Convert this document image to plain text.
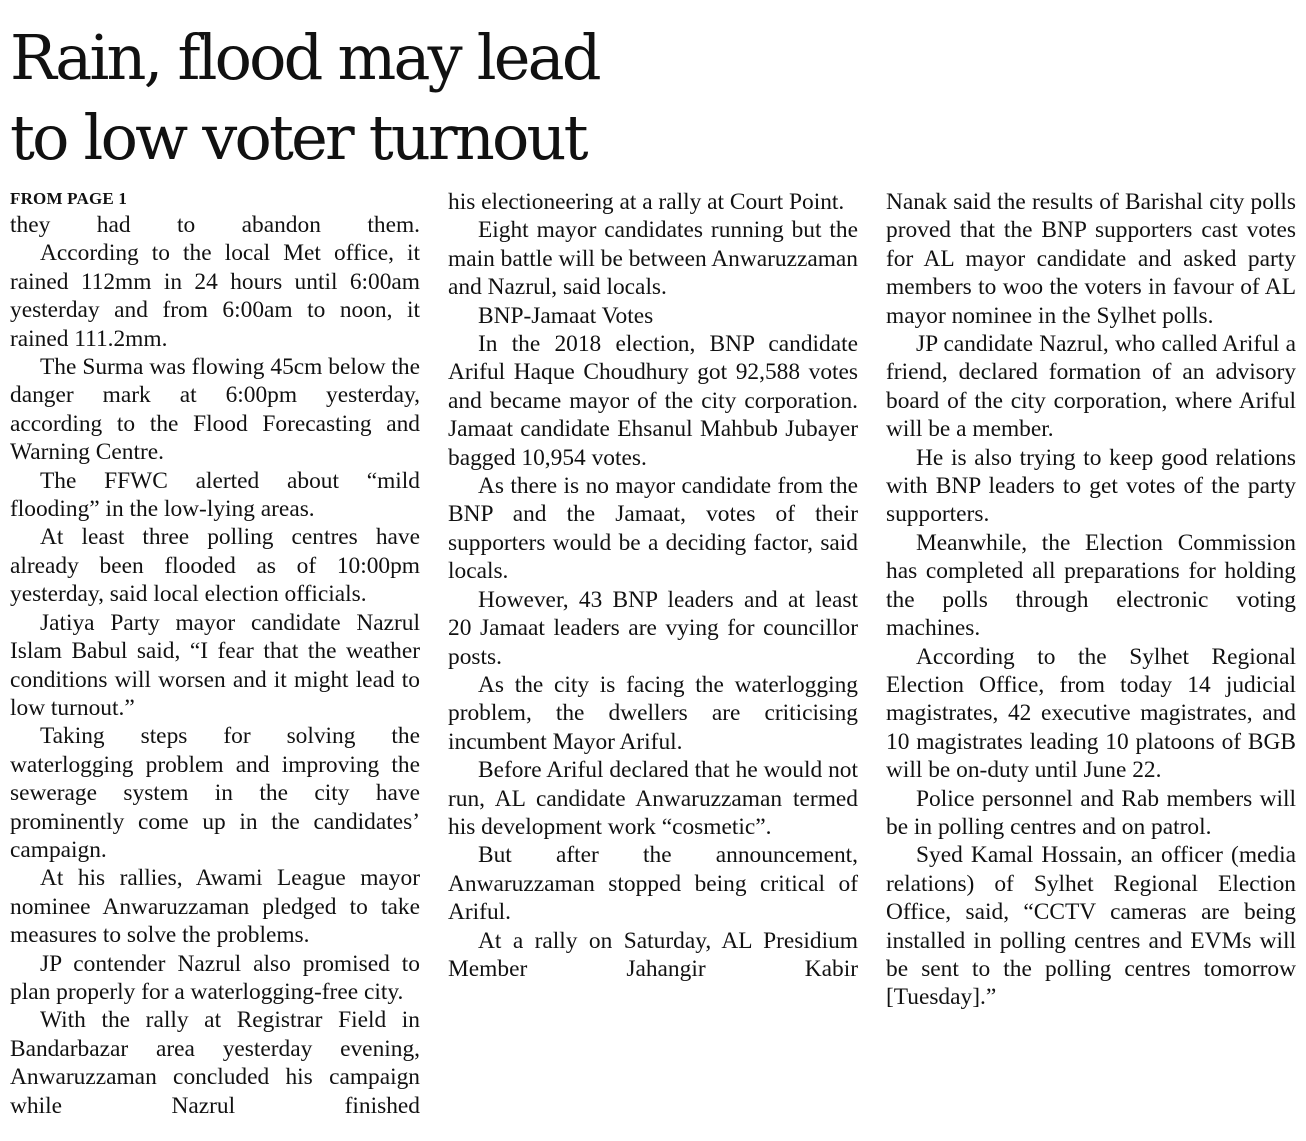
Rain, flood may lead
to low voter turnout
FROM PAGE 1

they had to abandon them.

According to the local Met office, it rained 112mm in 24 hours until 6:00am yesterday and from 6:00am to noon, it rained 111.2mm.

The Surma was flowing 45cm below the danger mark at 6:00pm yesterday, according to the Flood Forecasting and Warning Centre.

The FFWC alerted about “mild flooding” in the low-lying areas.

At least three polling centres have already been flooded as of 10:00pm yesterday, said local election officials.

Jatiya Party mayor candidate Nazrul Islam Babul said, “I fear that the weather conditions will worsen and it might lead to low turnout.”

Taking steps for solving the waterlogging problem and improving the sewerage system in the city have prominently come up in the candidates’ campaign.

At his rallies, Awami League mayor nominee Anwaruzzaman pledged to take measures to solve the problems.

JP contender Nazrul also promised to plan properly for a waterlogging-free city.

With the rally at Registrar Field in Bandarbazar area yesterday evening, Anwaruzzaman concluded his campaign while Nazrul finished

his electioneering at a rally at Court Point.

Eight mayor candidates running but the main battle will be between Anwaruzzaman and Nazrul, said locals.

BNP-Jamaat Votes

In the 2018 election, BNP candidate Ariful Haque Choudhury got 92,588 votes and became mayor of the city corporation. Jamaat candidate Ehsanul Mahbub Jubayer bagged 10,954 votes.

As there is no mayor candidate from the BNP and the Jamaat, votes of their supporters would be a deciding factor, said locals.

However, 43 BNP leaders and at least 20 Jamaat leaders are vying for councillor posts.

As the city is facing the waterlogging problem, the dwellers are criticising incumbent Mayor Ariful.

Before Ariful declared that he would not run, AL candidate Anwaruzzaman termed his development work “cosmetic”.

But after the announcement, Anwaruzzaman stopped being critical of Ariful.

At a rally on Saturday, AL Presidium Member Jahangir Kabir

Nanak said the results of Barishal city polls proved that the BNP supporters cast votes for AL mayor candidate and asked party members to woo the voters in favour of AL mayor nominee in the Sylhet polls.

JP candidate Nazrul, who called Ariful a friend, declared formation of an advisory board of the city corporation, where Ariful will be a member.

He is also trying to keep good relations with BNP leaders to get votes of the party supporters.

Meanwhile, the Election Commission has completed all preparations for holding the polls through electronic voting machines.

According to the Sylhet Regional Election Office, from today 14 judicial magistrates, 42 executive magistrates, and 10 magistrates leading 10 platoons of BGB will be on-duty until June 22.

Police personnel and Rab members will be in polling centres and on patrol.

Syed Kamal Hossain, an officer (media relations) of Sylhet Regional Election Office, said, “CCTV cameras are being installed in polling centres and EVMs will be sent to the polling centres tomorrow [Tuesday].”
